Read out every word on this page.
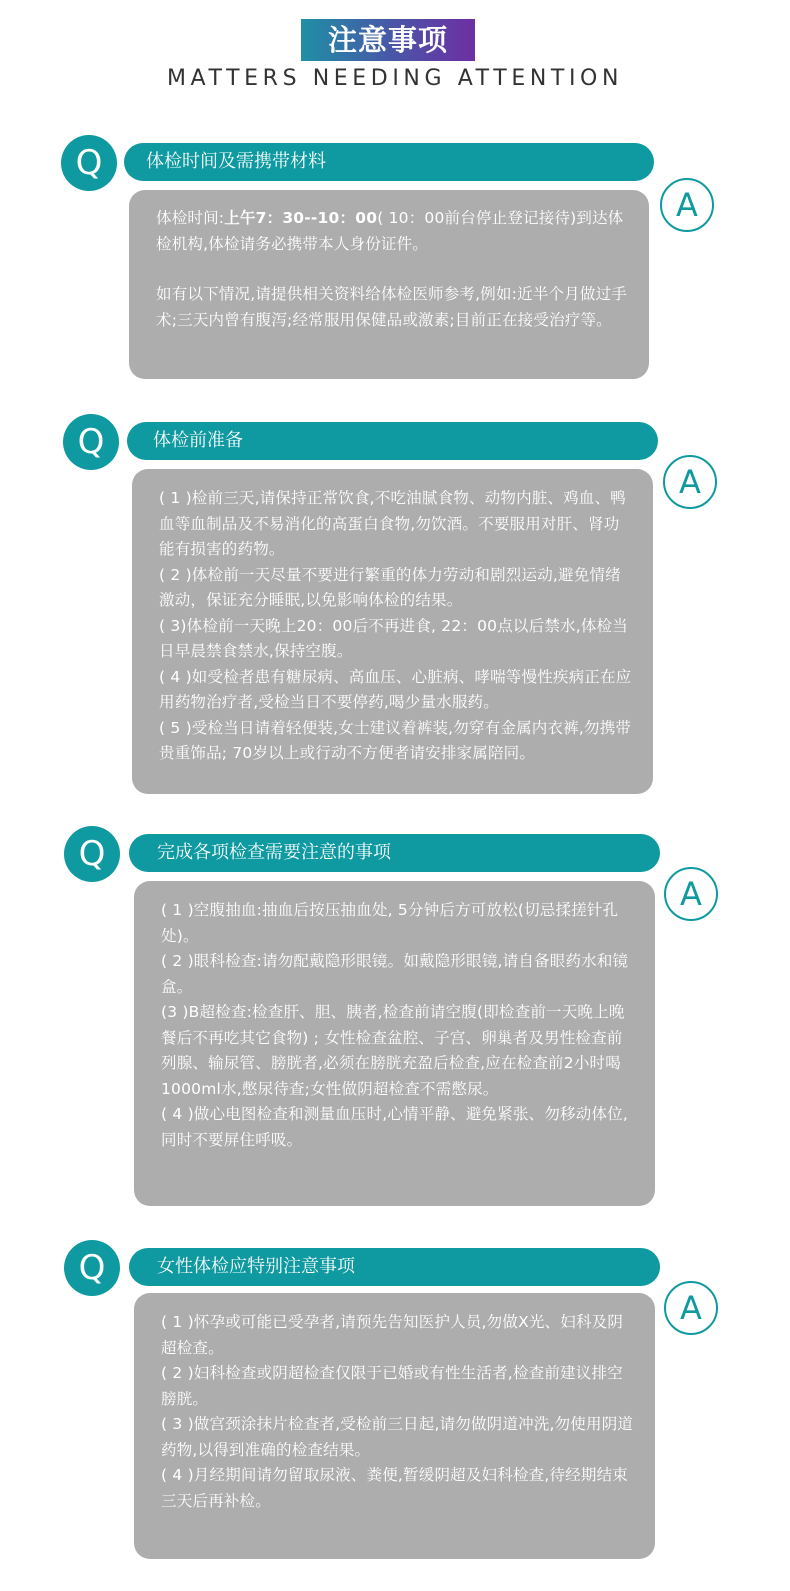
注意事项
MATTERS NEEDING ATTENTION
Q	体检时间及需携带材料
A

体检时间:上午7：30--10：00( 10：00前台停止登记接待)到达体检机构,体检请务必携带本人身份证件。

如有以下情况,请提供相关资料给体检医师参考,例如:近半个月做过手术;三天内曾有腹泻;经常服用保健品或激素;目前正在接受治疗等。

Q	体检前准备
A

( 1 )检前三天,请保持正常饮食,不吃油腻食物、动物内脏、鸡血、鸭血等血制品及不易消化的高蛋白食物,勿饮酒。不要服用对肝、肾功能有损害的药物。

( 2 )体检前一天尽量不要进行繁重的体力劳动和剧烈运动,避免情绪激动，保证充分睡眠,以免影响体检的结果。

( 3)体检前一天晚上20：00后不再进食, 22：00点以后禁水,体检当日早晨禁食禁水,保持空腹。

( 4 )如受检者患有糖尿病、高血压、心脏病、哮喘等慢性疾病正在应用药物治疗者,受检当日不要停药,喝少量水服药。

( 5 )受检当日请着轻便装,女士建议着裤装,勿穿有金属内衣裤,勿携带贵重饰品; 70岁以上或行动不方便者请安排家属陪同。

Q	完成各项检查需要注意的事项
A

( 1 )空腹抽血:抽血后按压抽血处, 5分钟后方可放松(切忌揉搓针孔处)。

( 2 )眼科检查:请勿配戴隐形眼镜。如戴隐形眼镜,请自备眼药水和镜盒。

(3 )B超检查:检查肝、胆、胰者,检查前请空腹(即检查前一天晚上晚餐后不再吃其它食物) ; 女性检查盆腔、子宫、卵巢者及男性检查前列腺、输尿管、膀胱者,必须在膀胱充盈后检查,应在检查前2小时喝1000ml水,憋尿待查;女性做阴超检查不需憋尿。

( 4 )做心电图检查和测量血压时,心情平静、避免紧张、勿移动体位,同时不要屏住呼吸。

Q	女性体检应特别注意事项
A

( 1 )怀孕或可能已受孕者,请预先告知医护人员,勿做X光、妇科及阴超检查。

( 2 )妇科检查或阴超检查仅限于已婚或有性生活者,检查前建议排空膀胱。

( 3 )做宫颈涂抹片检查者,受检前三日起,请勿做阴道冲洗,勿使用阴道药物,以得到准确的检查结果。

( 4 )月经期间请勿留取尿液、粪便,暂缓阴超及妇科检查,待经期结束三天后再补检。
